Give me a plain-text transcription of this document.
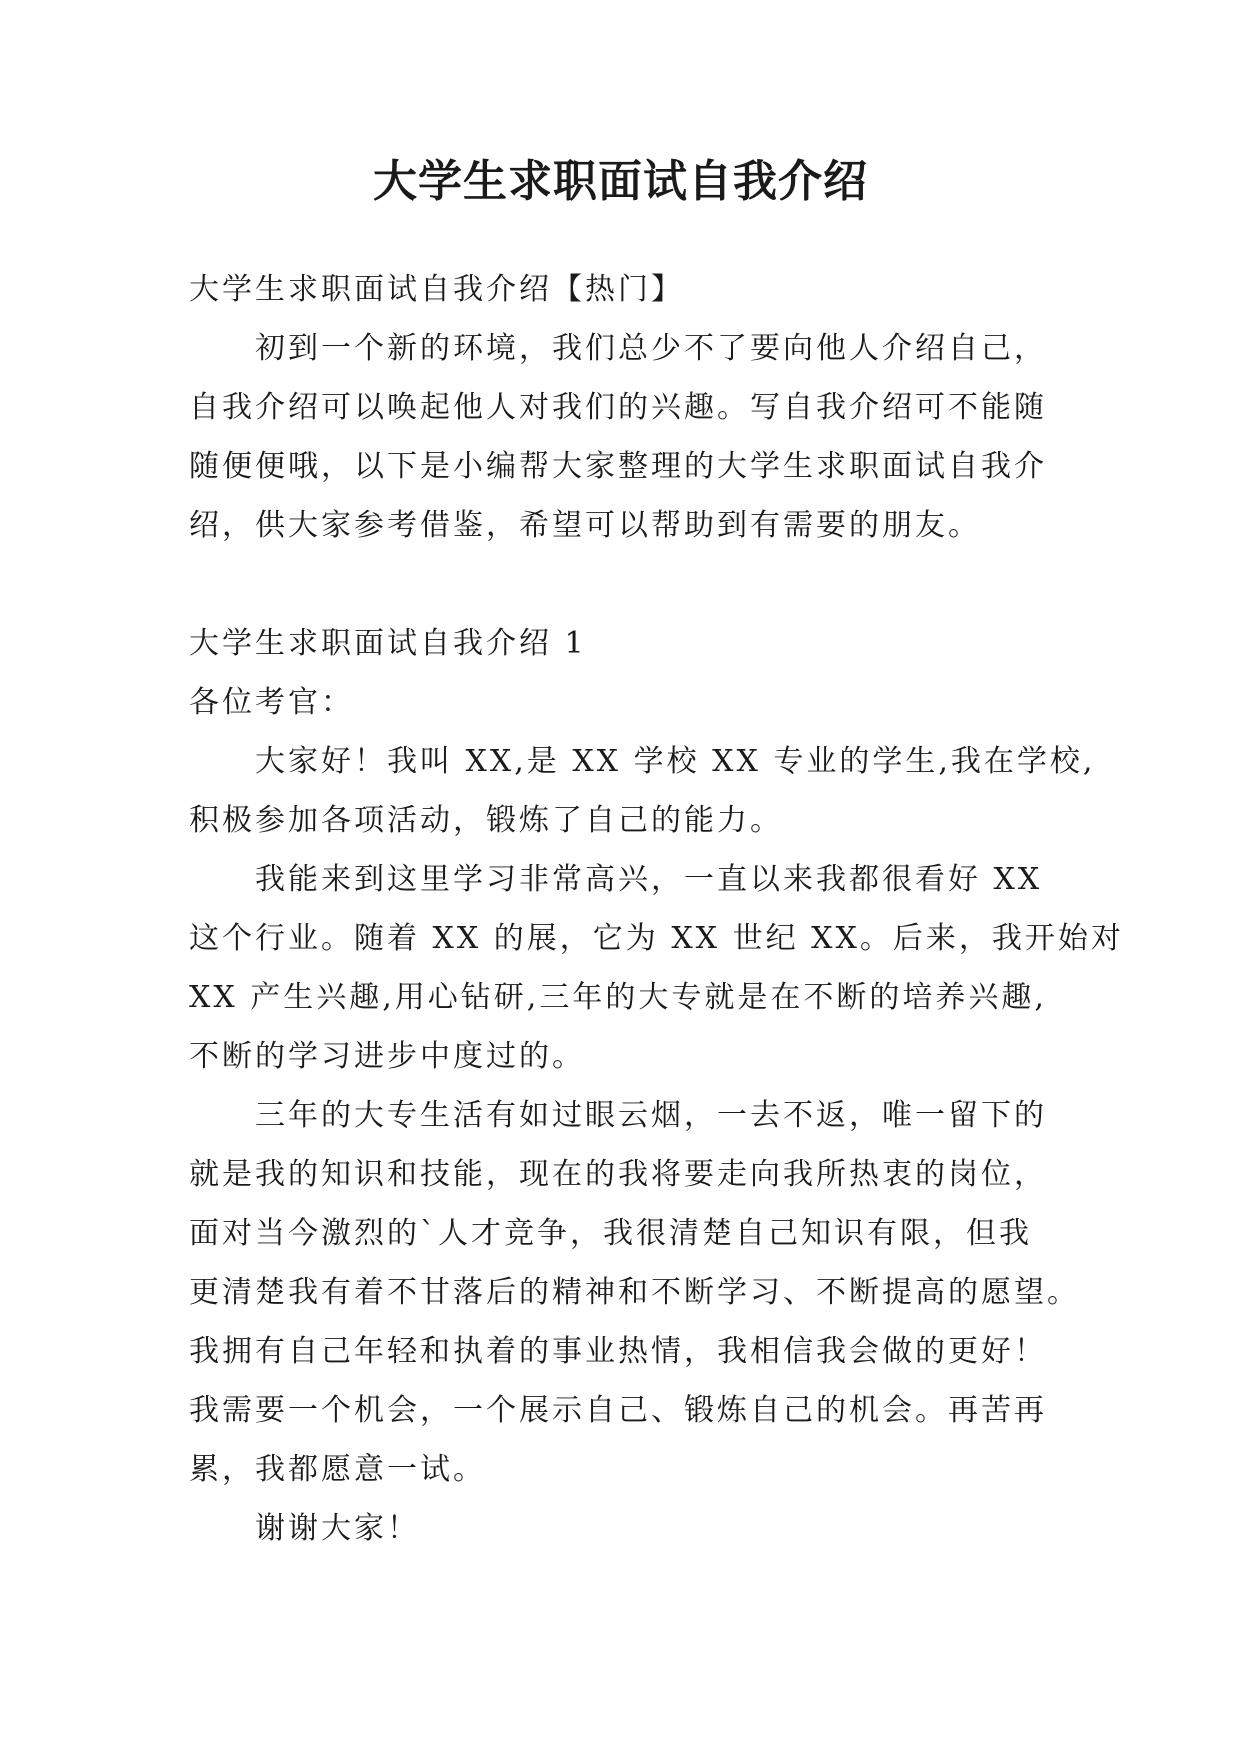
大学生求职面试自我介绍

大学生求职面试自我介绍【热门】

初到一个新的环境，我们总少不了要向他人介绍自己，

自我介绍可以唤起他人对我们的兴趣。写自我介绍可不能随

随便便哦，以下是小编帮大家整理的大学生求职面试自我介

绍，供大家参考借鉴，希望可以帮助到有需要的朋友。

大学生求职面试自我介绍 1

各位考官：

大家好！我叫 XX,是 XX 学校 XX 专业的学生,我在学校,

积极参加各项活动，锻炼了自己的能力。

我能来到这里学习非常高兴，一直以来我都很看好 XX

这个行业。随着 XX 的展，它为 XX 世纪 XX。后来，我开始对

XX 产生兴趣,用心钻研,三年的大专就是在不断的培养兴趣,

不断的学习进步中度过的。

三年的大专生活有如过眼云烟，一去不返，唯一留下的

就是我的知识和技能，现在的我将要走向我所热衷的岗位，

面对当今激烈的`人才竞争，我很清楚自己知识有限，但我

更清楚我有着不甘落后的精神和不断学习、不断提高的愿望。

我拥有自己年轻和执着的事业热情，我相信我会做的更好！

我需要一个机会，一个展示自己、锻炼自己的机会。再苦再

累，我都愿意一试。

谢谢大家！
